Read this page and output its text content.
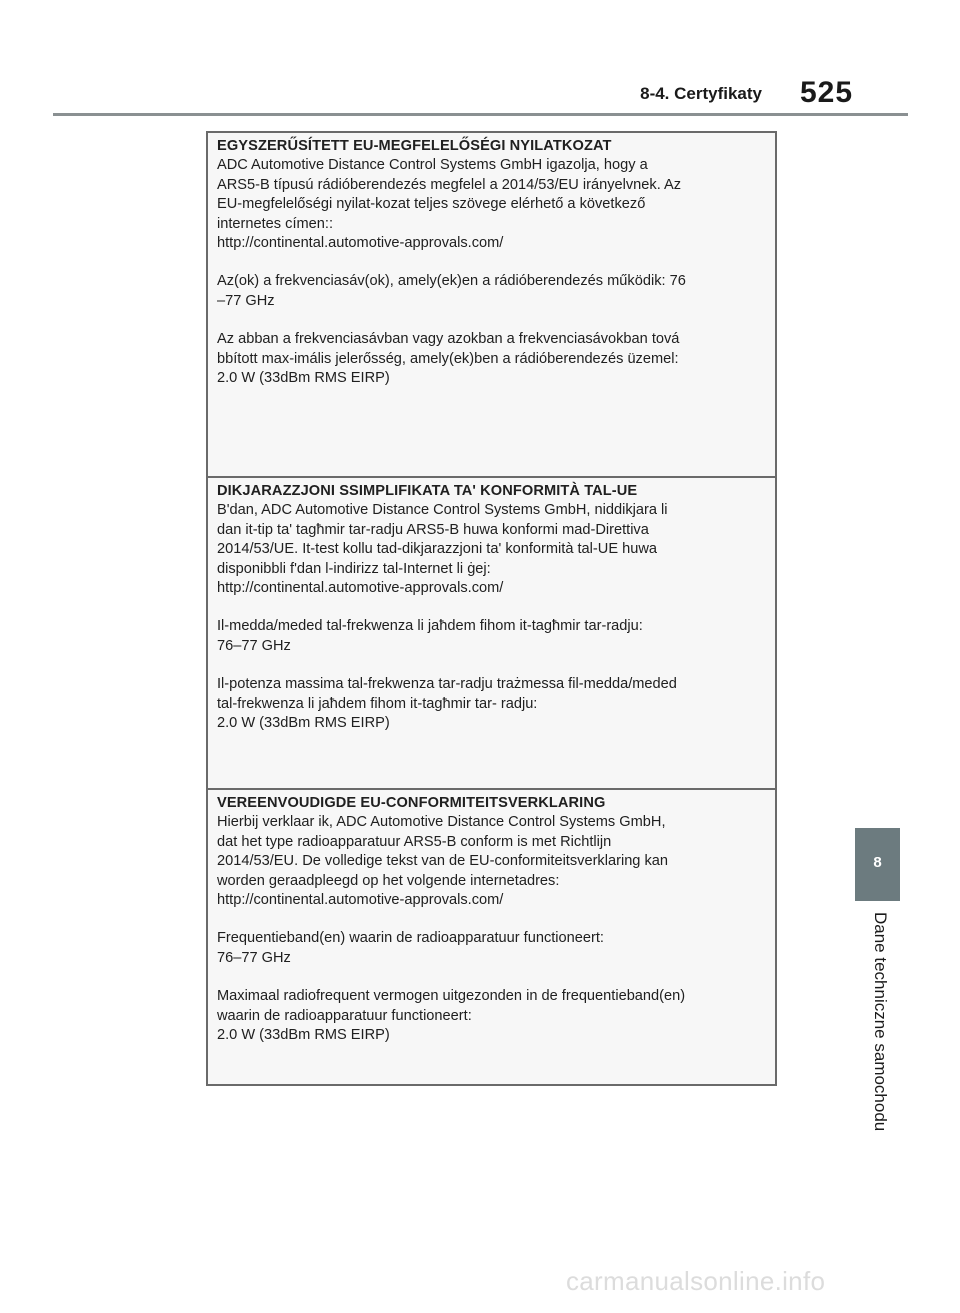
8-4. Certyfikaty 525
EGYSZERŰSÍTETT EU-MEGFELELŐSÉGI NYILATKOZAT
ADC Automotive Distance Control Systems GmbH igazolja, hogy a
ARS5-B típusú rádióberendezés megfelel a 2014/53/EU irányelvnek. Az
EU-megfelelőségi nyilat-kozat teljes szövege elérhető a következő
internetes címen::
http://continental.automotive-approvals.com/
Az(ok) a frekvenciasáv(ok), amely(ek)en a rádióberendezés működik: 76
–77 GHz
Az abban a frekvenciasávban vagy azokban a frekvenciasávokban tová
bbított max-imális jelerősség, amely(ek)ben a rádióberendezés üzemel:
2.0 W (33dBm RMS EIRP)
DIKJARAZZJONI SSIMPLIFIKATA TA' KONFORMITÀ TAL-UE
B'dan, ADC Automotive Distance Control Systems GmbH, niddikjara li
dan it-tip ta' tagħmir tar-radju ARS5-B huwa konformi mad-Direttiva
2014/53/UE. It-test kollu tad-dikjarazzjoni ta' konformità tal-UE huwa
disponibbli f'dan l-indirizz tal-Internet li ġej:
http://continental.automotive-approvals.com/
Il-medda/meded tal-frekwenza li jaħdem fihom it-tagħmir tar-radju:
76–77 GHz
Il-potenza massima tal-frekwenza tar-radju trażmessa fil-medda/meded
tal-frekwenza li jaħdem fihom it-tagħmir tar- radju:
2.0 W (33dBm RMS EIRP)
VEREENVOUDIGDE EU-CONFORMITEITSVERKLARING
Hierbij verklaar ik, ADC Automotive Distance Control Systems GmbH,
dat het type radioapparatuur ARS5-B conform is met Richtlijn
2014/53/EU. De volledige tekst van de EU-conformiteitsverklaring kan
worden geraadpleegd op het volgende internetadres:
http://continental.automotive-approvals.com/
Frequentieband(en) waarin de radioapparatuur functioneert:
76–77 GHz
Maximaal radiofrequent vermogen uitgezonden in de frequentieband(en)
waarin de radioapparatuur functioneert:
2.0 W (33dBm RMS EIRP)
8
Dane techniczne samochodu
carmanualsonline.info
